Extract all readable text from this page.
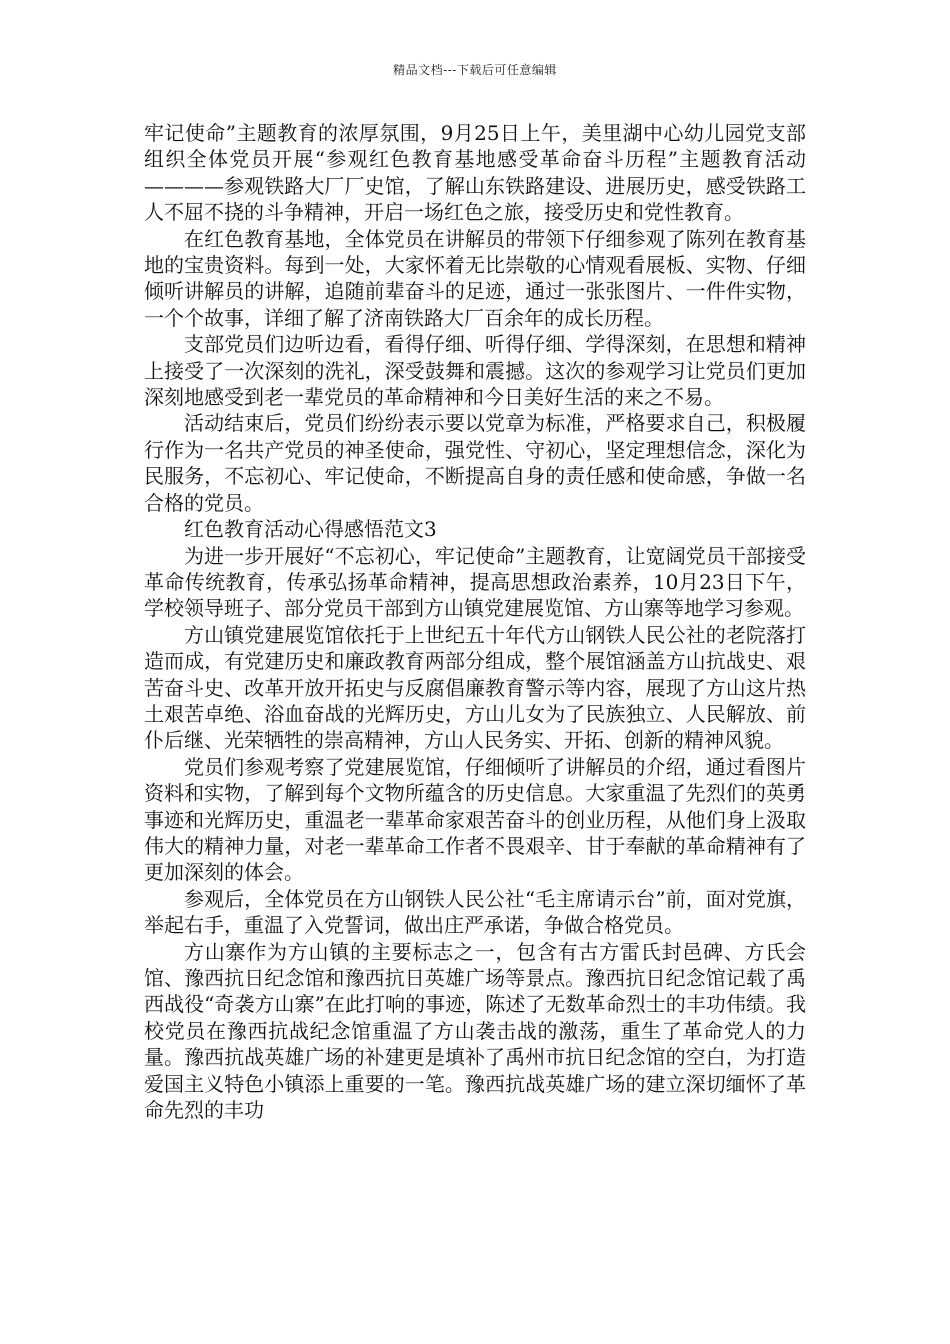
精品文档---下载后可任意编辑

牢记使命”主题教育的浓厚氛围，9月25日上午，美里湖中心幼儿园党支部组织全体党员开展“参观红色教育基地感受革命奋斗历程”主题教育活动————参观铁路大厂厂史馆，了解山东铁路建设、进展历史，感受铁路工人不屈不挠的斗争精神，开启一场红色之旅，接受历史和党性教育。

在红色教育基地，全体党员在讲解员的带领下仔细参观了陈列在教育基地的宝贵资料。每到一处，大家怀着无比崇敬的心情观看展板、实物、仔细倾听讲解员的讲解，追随前辈奋斗的足迹，通过一张张图片、一件件实物，一个个故事，详细了解了济南铁路大厂百余年的成长历程。

支部党员们边听边看，看得仔细、听得仔细、学得深刻，在思想和精神上接受了一次深刻的洗礼，深受鼓舞和震撼。这次的参观学习让党员们更加深刻地感受到老一辈党员的革命精神和今日美好生活的来之不易。

活动结束后，党员们纷纷表示要以党章为标准，严格要求自己，积极履行作为一名共产党员的神圣使命，强党性、守初心，坚定理想信念，深化为民服务，不忘初心、牢记使命，不断提高自身的责任感和使命感，争做一名合格的党员。

红色教育活动心得感悟范文3

为进一步开展好“不忘初心，牢记使命”主题教育，让宽阔党员干部接受革命传统教育，传承弘扬革命精神，提高思想政治素养，10月23日下午，学校领导班子、部分党员干部到方山镇党建展览馆、方山寨等地学习参观。

方山镇党建展览馆依托于上世纪五十年代方山钢铁人民公社的老院落打造而成，有党建历史和廉政教育两部分组成，整个展馆涵盖方山抗战史、艰苦奋斗史、改革开放开拓史与反腐倡廉教育警示等内容，展现了方山这片热土艰苦卓绝、浴血奋战的光辉历史，方山儿女为了民族独立、人民解放、前仆后继、光荣牺牲的崇高精神，方山人民务实、开拓、创新的精神风貌。

党员们参观考察了党建展览馆，仔细倾听了讲解员的介绍，通过看图片资料和实物，了解到每个文物所蕴含的历史信息。大家重温了先烈们的英勇事迹和光辉历史，重温老一辈革命家艰苦奋斗的创业历程，从他们身上汲取伟大的精神力量，对老一辈革命工作者不畏艰辛、甘于奉献的革命精神有了更加深刻的体会。

参观后，全体党员在方山钢铁人民公社“毛主席请示台”前，面对党旗，举起右手，重温了入党誓词，做出庄严承诺，争做合格党员。

方山寨作为方山镇的主要标志之一，包含有古方雷氏封邑碑、方氏会馆、豫西抗日纪念馆和豫西抗日英雄广场等景点。豫西抗日纪念馆记载了禹西战役“奇袭方山寨”在此打响的事迹，陈述了无数革命烈士的丰功伟绩。我校党员在豫西抗战纪念馆重温了方山袭击战的激荡，重生了革命党人的力量。豫西抗战英雄广场的补建更是填补了禹州市抗日纪念馆的空白，为打造爱国主义特色小镇添上重要的一笔。豫西抗战英雄广场的建立深切缅怀了革命先烈的丰功
